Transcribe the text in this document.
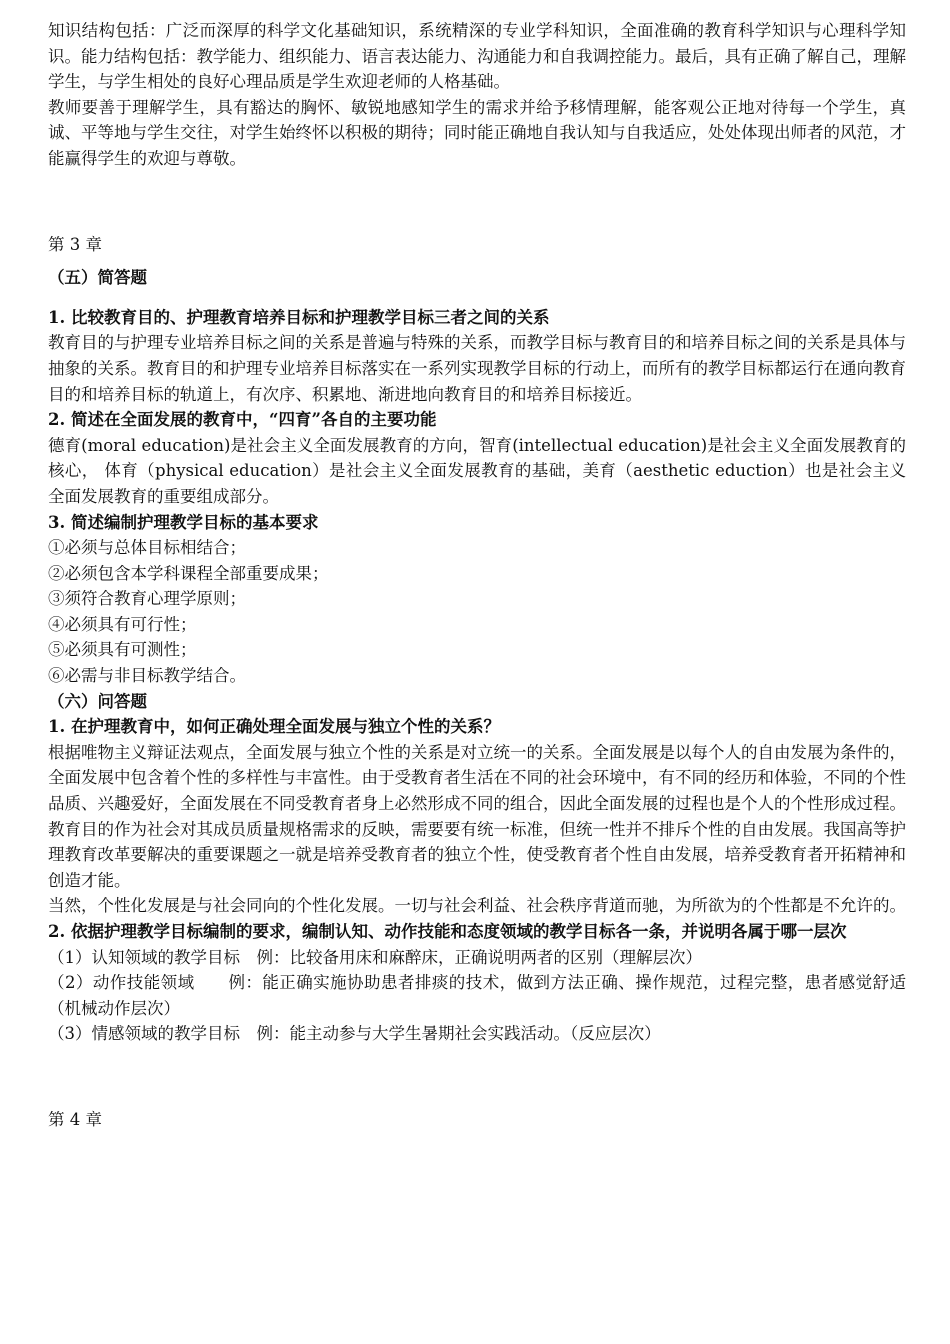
知识结构包括：广泛而深厚的科学文化基础知识，系统精深的专业学科知识，全面准确的教育科学知识与心理科学知识。能力结构包括：教学能力、组织能力、语言表达能力、沟通能力和自我调控能力。最后，具有正确了解自己，理解学生，与学生相处的良好心理品质是学生欢迎老师的人格基础。

教师要善于理解学生，具有豁达的胸怀、敏锐地感知学生的需求并给予移情理解，能客观公正地对待每一个学生，真诚、平等地与学生交往，对学生始终怀以积极的期待；同时能正确地自我认知与自我适应，处处体现出师者的风范，才能赢得学生的欢迎与尊敬。

第 3 章

（五）简答题

1. 比较教育目的、护理教育培养目标和护理教学目标三者之间的关系

教育目的与护理专业培养目标之间的关系是普遍与特殊的关系，而教学目标与教育目的和培养目标之间的关系是具体与抽象的关系。教育目的和护理专业培养目标落实在一系列实现教学目标的行动上，而所有的教学目标都运行在通向教育目的和培养目标的轨道上，有次序、积累地、渐进地向教育目的和培养目标接近。

2. 简述在全面发展的教育中，“四育”各自的主要功能

德育(moral education)是社会主义全面发展教育的方向，智育(intellectual education)是社会主义全面发展教育的核心， 体育（physical education）是社会主义全面发展教育的基础，美育（aesthetic eduction）也是社会主义全面发展教育的重要组成部分。

3. 简述编制护理教学目标的基本要求

①必须与总体目标相结合；

②必须包含本学科课程全部重要成果；

③须符合教育心理学原则；

④必须具有可行性；

⑤必须具有可测性；

⑥必需与非目标教学结合。

（六）问答题

1. 在护理教育中，如何正确处理全面发展与独立个性的关系？

根据唯物主义辩证法观点，全面发展与独立个性的关系是对立统一的关系。全面发展是以每个人的自由发展为条件的，全面发展中包含着个性的多样性与丰富性。由于受教育者生活在不同的社会环境中，有不同的经历和体验，不同的个性品质、兴趣爱好，全面发展在不同受教育者身上必然形成不同的组合，因此全面发展的过程也是个人的个性形成过程。教育目的作为社会对其成员质量规格需求的反映，需要要有统一标准，但统一性并不排斥个性的自由发展。我国高等护理教育改革要解决的重要课题之一就是培养受教育者的独立个性，使受教育者个性自由发展，培养受教育者开拓精神和创造才能。

当然，个性化发展是与社会同向的个性化发展。一切与社会利益、社会秩序背道而驰，为所欲为的个性都是不允许的。

2. 依据护理教学目标编制的要求，编制认知、动作技能和态度领域的教学目标各一条，并说明各属于哪一层次

（1）认知领域的教学目标　例：比较备用床和麻醉床，正确说明两者的区别（理解层次）

（2）动作技能领域　　例：能正确实施协助患者排痰的技术，做到方法正确、操作规范，过程完整，患者感觉舒适（机械动作层次）

（3）情感领域的教学目标　例：能主动参与大学生暑期社会实践活动。（反应层次）

第 4 章
